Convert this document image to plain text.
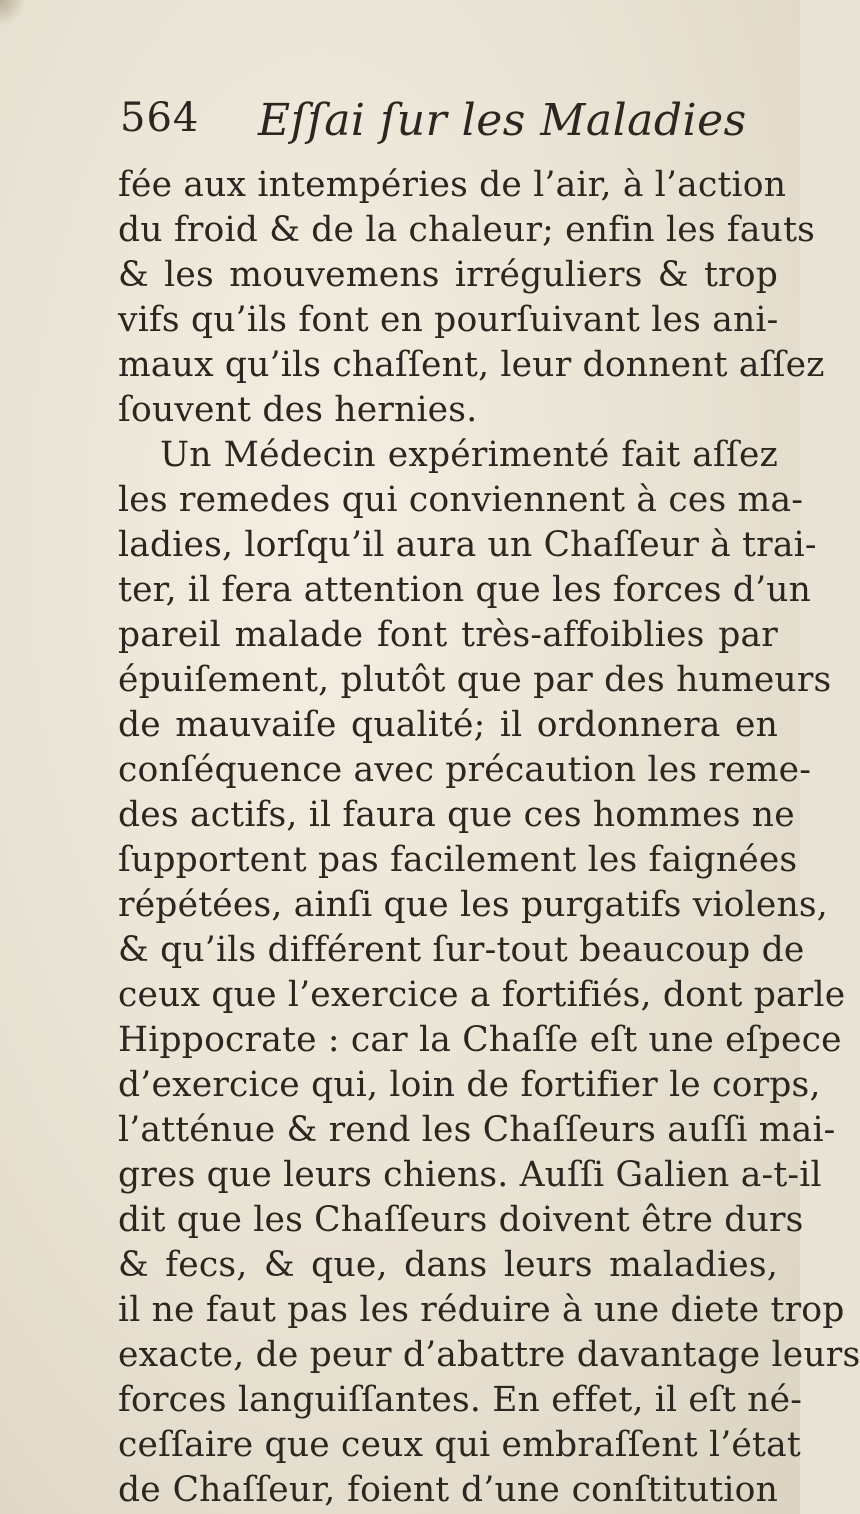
564 Eſſai ſur les Maladies
fée aux intempéries de l’air, à l’action
du froid & de la chaleur; enfin les fauts
& les mouvemens irréguliers & trop
vifs qu’ils font en pourſuivant les ani-
maux qu’ils chaſſent, leur donnent aſſez
ſouvent des hernies.
Un Médecin expérimenté fait aſſez
les remedes qui conviennent à ces ma-
ladies, lorſqu’il aura un Chaſſeur à trai-
ter, il fera attention que les forces d’un
pareil malade font très-affoiblies par
épuiſement, plutôt que par des humeurs
de mauvaiſe qualité; il ordonnera en
conſéquence avec précaution les reme-
des actifs, il faura que ces hommes ne
ſupportent pas facilement les faignées
répétées, ainſi que les purgatifs violens,
& qu’ils différent ſur-tout beaucoup de
ceux que l’exercice a fortifiés, dont parle
Hippocrate : car la Chaſſe eſt une eſpece
d’exercice qui, loin de fortifier le corps,
l’atténue & rend les Chaſſeurs auſſi mai-
gres que leurs chiens. Auſſi Galien a-t-il
dit que les Chaſſeurs doivent être durs
& fecs, & que, dans leurs maladies,
il ne faut pas les réduire à une diete trop
exacte, de peur d’abattre davantage leurs
forces languiſſantes. En effet, il eſt né-
ceſſaire que ceux qui embraſſent l’état
de Chaſſeur, foient d’une conſtitution
